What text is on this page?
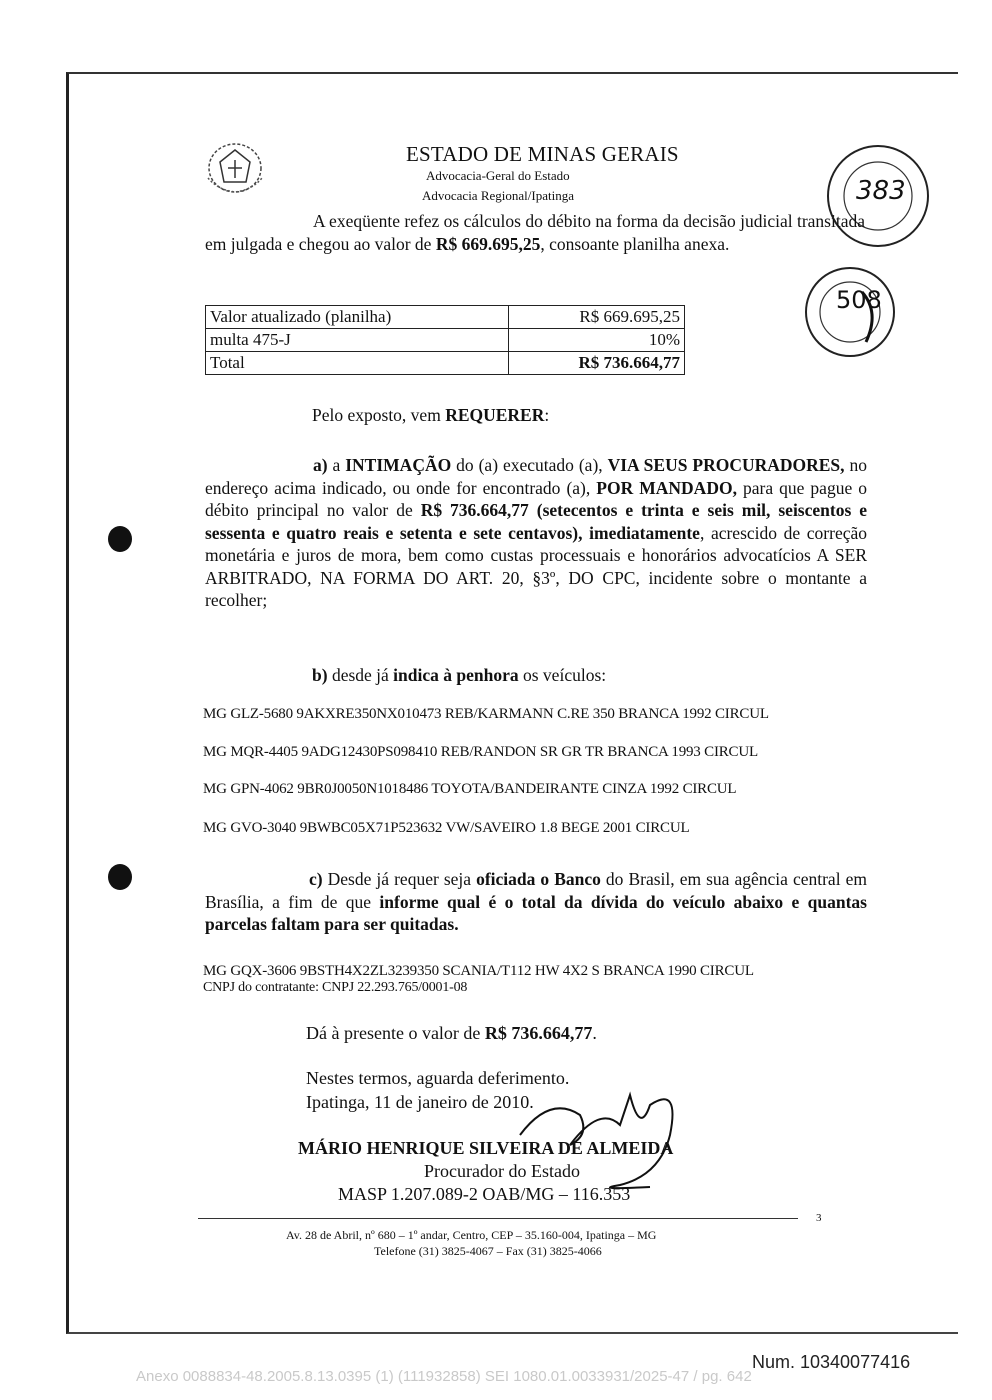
ESTADO DE MINAS GERAIS
Advocacia-Geral do Estado
Advocacia Regional/Ipatinga	383
508

A exeqüente refez os cálculos do débito na forma da decisão judicial transitada em julgada e chegou ao valor de R$ 669.695,25, consoante planilha anexa.

Valor atualizado (planilha)	R$ 669.695,25
multa 475-J	10%
Total	R$ 736.664,77

Pelo exposto, vem REQUERER:

a) a INTIMAÇÃO do (a) executado (a), VIA SEUS PROCURADORES, no endereço acima indicado, ou onde for encontrado (a), POR MANDADO, para que pague o débito principal no valor de R$ 736.664,77 (setecentos e trinta e seis mil, seiscentos e sessenta e quatro reais e setenta e sete centavos), imediatamente, acrescido de correção monetária e juros de mora, bem como custas processuais e honorários advocatícios A SER ARBITRADO, NA FORMA DO ART. 20, §3º, DO CPC, incidente sobre o montante a recolher;

b) desde já indica à penhora os veículos:

MG GLZ-5680 9AKXRE350NX010473 REB/KARMANN C.RE 350 BRANCA 1992 CIRCUL
MG MQR-4405 9ADG12430PS098410 REB/RANDON SR GR TR BRANCA 1993 CIRCUL
MG GPN-4062 9BR0J0050N1018486 TOYOTA/BANDEIRANTE CINZA 1992 CIRCUL
MG GVO-3040 9BWBC05X71P523632 VW/SAVEIRO 1.8 BEGE 2001 CIRCUL

c) Desde já requer seja oficiada o Banco do Brasil, em sua agência central em Brasília, a fim de que informe qual é o total da dívida do veículo abaixo e quantas parcelas faltam para ser quitadas.

MG GQX-3606 9BSTH4X2ZL3239350 SCANIA/T112 HW 4X2 S BRANCA 1990 CIRCUL
CNPJ do contratante: CNPJ 22.293.765/0001-08

Dá à presente o valor de R$ 736.664,77.

Nestes termos, aguarda deferimento.
Ipatinga, 11 de janeiro de 2010.
MÁRIO HENRIQUE SILVEIRA DE ALMEIDA
Procurador do Estado
MASP 1.207.089-2 OAB/MG – 116.353
3
Av. 28 de Abril, nº 680 – 1º andar, Centro, CEP – 35.160-004, Ipatinga – MG
Telefone (31) 3825-4067 – Fax (31) 3825-4066
Num. 10340077416
Anexo 0088834-48.2005.8.13.0395 (1) (111932858) SEI 1080.01.0033931/2025-47 / pg. 642
